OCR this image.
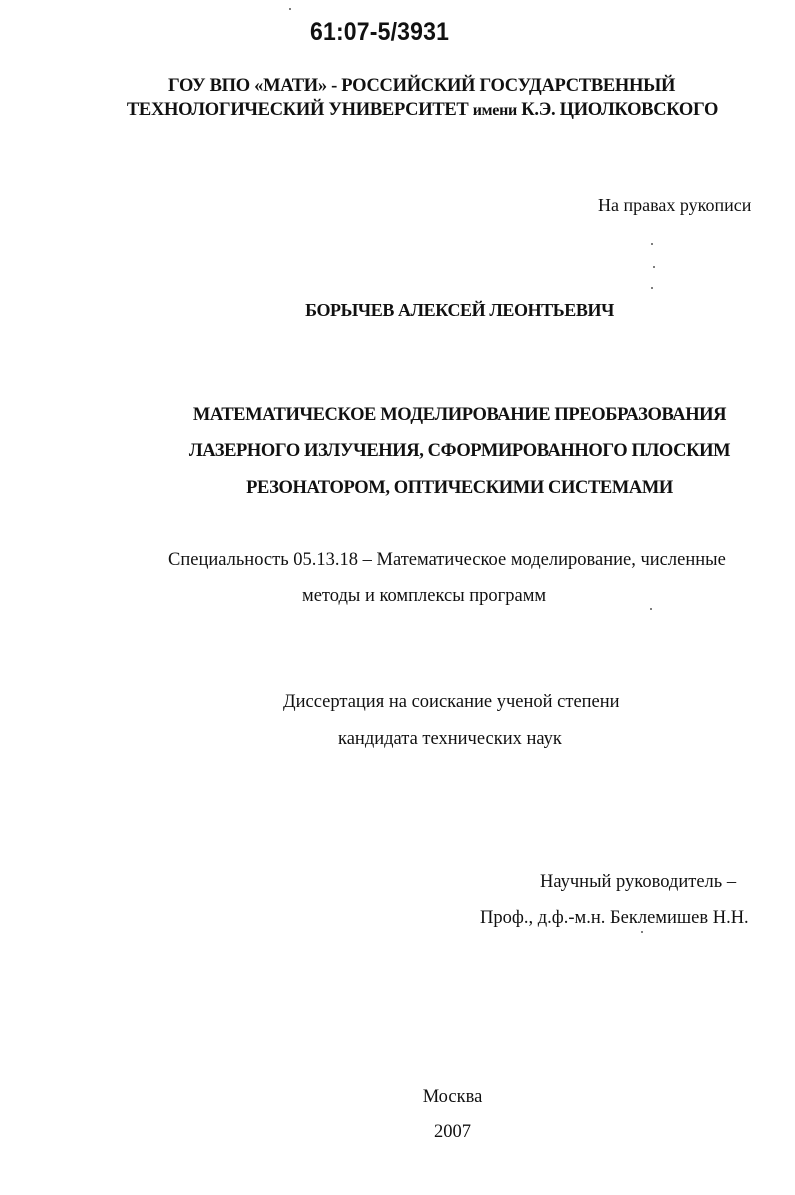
61:07-5/3931
ГОУ ВПО «МАТИ» - РОССИЙСКИЙ ГОСУДАРСТВЕННЫЙ
ТЕХНОЛОГИЧЕСКИЙ УНИВЕРСИТЕТ имени К.Э. ЦИОЛКОВСКОГО
На правах рукописи
БОРЫЧЕВ АЛЕКСЕЙ ЛЕОНТЬЕВИЧ
МАТЕМАТИЧЕСКОЕ МОДЕЛИРОВАНИЕ ПРЕОБРАЗОВАНИЯ
ЛАЗЕРНОГО ИЗЛУЧЕНИЯ, СФОРМИРОВАННОГО ПЛОСКИМ
РЕЗОНАТОРОМ, ОПТИЧЕСКИМИ СИСТЕМАМИ
Специальность 05.13.18 – Математическое моделирование, численные
методы и комплексы программ
Диссертация на соискание ученой степени
кандидата технических наук
Научный руководитель –
Проф., д.ф.-м.н. Беклемишев Н.Н.
Москва
2007
